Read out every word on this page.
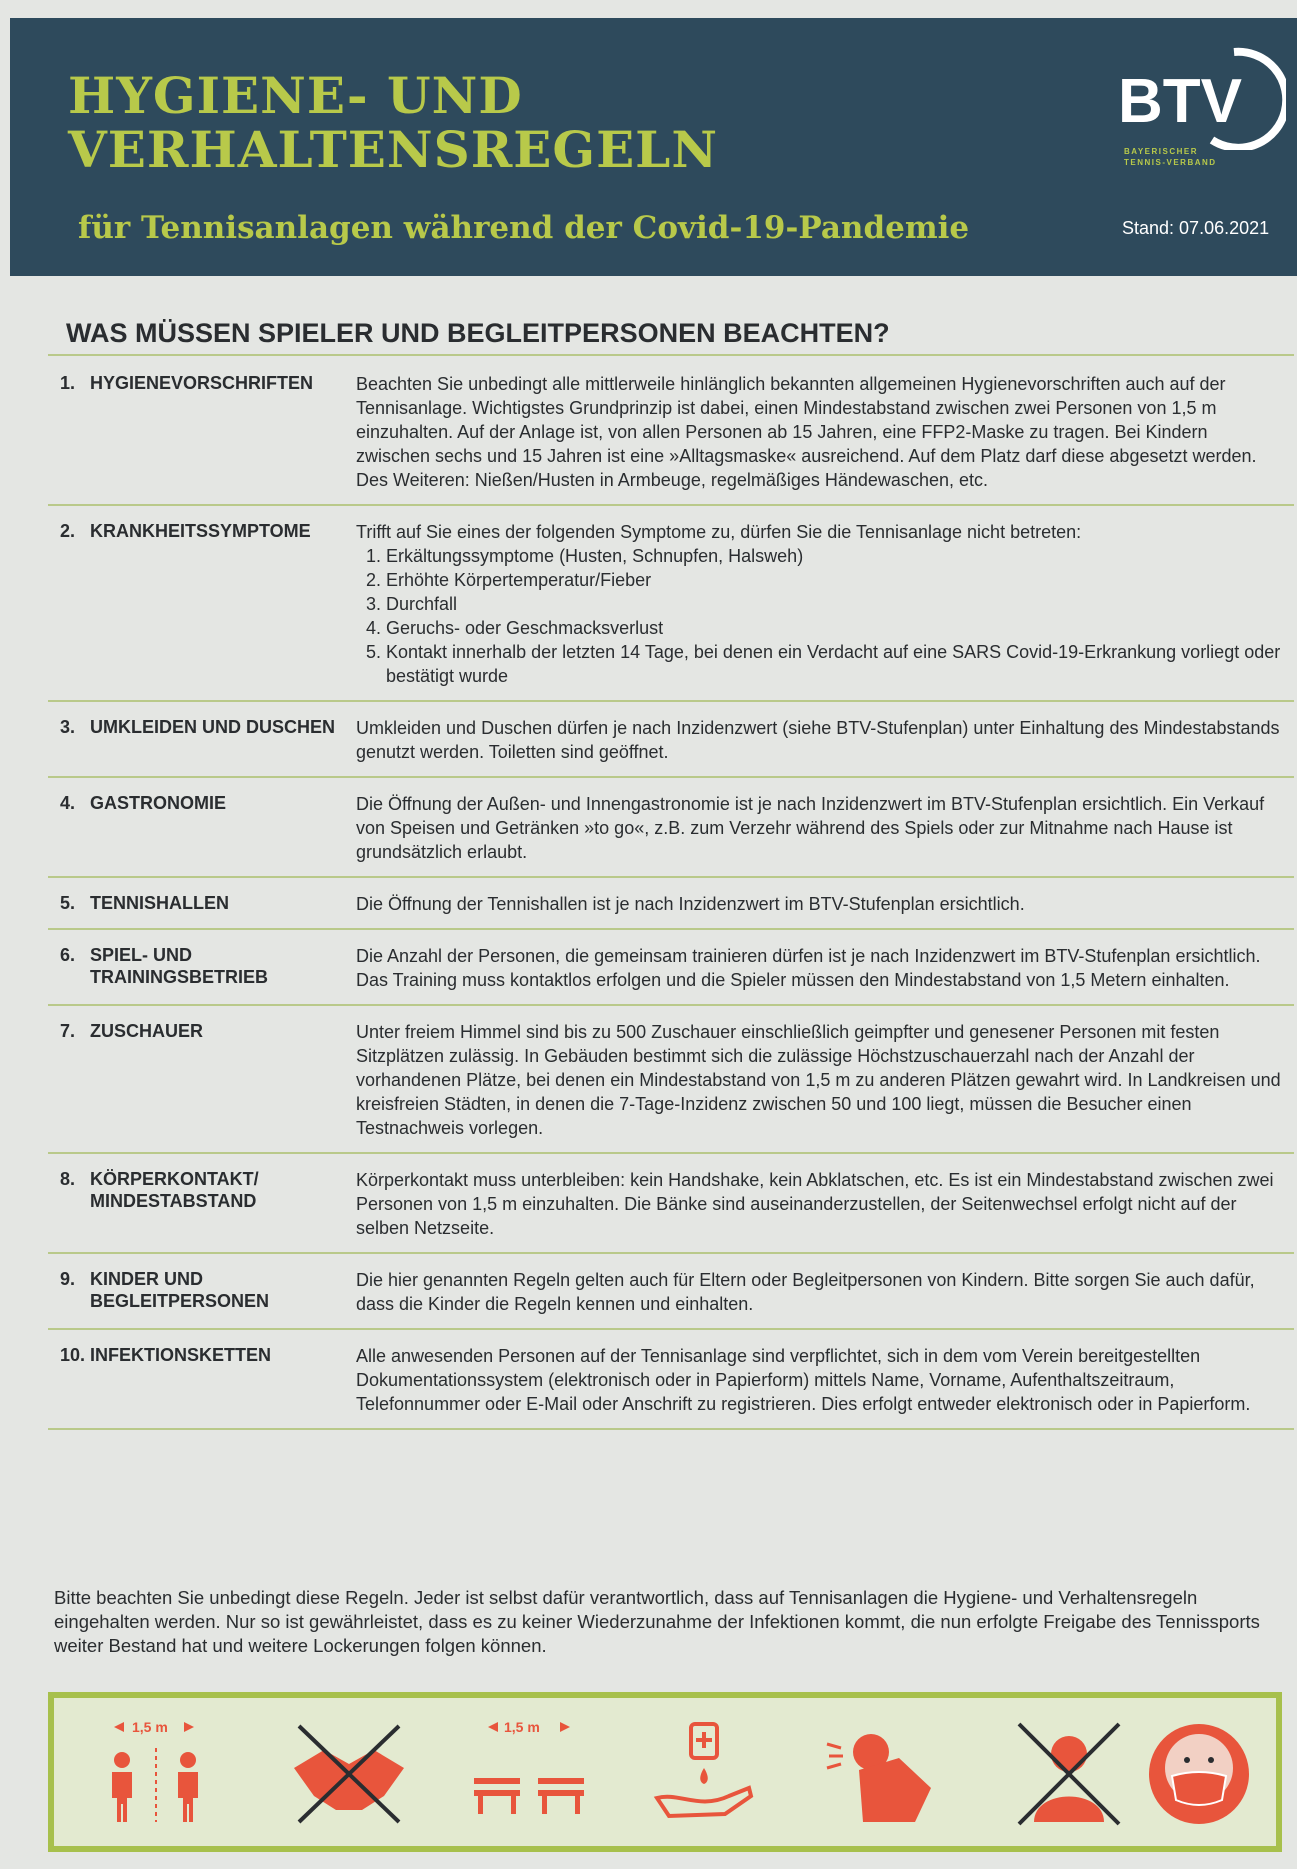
HYGIENE- UND
VERHALTENSREGELN
für Tennisanlagen während der Covid-19-Pandemie
BTV
BAYERISCHER
TENNIS-VERBAND
Stand: 07.06.2021
WAS MÜSSEN SPIELER UND BEGLEITPERSONEN BEACHTEN?
1. HYGIENEVORSCHRIFTEN	Beachten Sie unbedingt alle mittlerweile hinlänglich bekannten allgemeinen Hygienevorschriften auch auf der Tennisanlage. Wichtigstes Grundprinzip ist dabei, einen Mindestabstand zwischen zwei Personen von 1,5 m einzuhalten. Auf der Anlage ist, von allen Personen ab 15 Jahren, eine FFP2-Maske zu tragen. Bei Kindern zwischen sechs und 15 Jahren ist eine »Alltagsmaske« ausreichend. Auf dem Platz darf diese abgesetzt werden. Des Weiteren: Nießen/Husten in Armbeuge, regelmäßiges Händewaschen, etc.
2. KRANKHEITSSYMPTOME	Trifft auf Sie eines der folgenden Symptome zu, dürfen Sie die Tennisanlage nicht betreten:
1. Erkältungssymptome (Husten, Schnupfen, Halsweh)
2. Erhöhte Körpertemperatur/Fieber
3. Durchfall
4. Geruchs- oder Geschmacksverlust
5. Kontakt innerhalb der letzten 14 Tage, bei denen ein Verdacht auf eine SARS Covid-19-Erkrankung vorliegt oder bestätigt wurde
3. UMKLEIDEN UND DUSCHEN	Umkleiden und Duschen dürfen je nach Inzidenzwert (siehe BTV-Stufenplan) unter Einhaltung des Mindestabstands genutzt werden. Toiletten sind geöffnet.
4. GASTRONOMIE	Die Öffnung der Außen- und Innengastronomie ist je nach Inzidenzwert im BTV-Stufenplan ersichtlich. Ein Verkauf von Speisen und Getränken »to go«, z.B. zum Verzehr während des Spiels oder zur Mitnahme nach Hause ist grundsätzlich erlaubt.
5. TENNISHALLEN	Die Öffnung der Tennishallen ist je nach Inzidenzwert im BTV-Stufenplan ersichtlich.
6. SPIEL- UND TRAININGSBETRIEB
Die Anzahl der Personen, die gemeinsam trainieren dürfen ist je nach Inzidenzwert im BTV-Stufenplan ersichtlich. Das Training muss kontaktlos erfolgen und die Spieler müssen den Mindestabstand von 1,5 Metern einhalten.
7. ZUSCHAUER	Unter freiem Himmel sind bis zu 500 Zuschauer einschließlich geimpfter und genesener Personen mit festen Sitzplätzen zulässig. In Gebäuden bestimmt sich die zulässige Höchstzuschauerzahl nach der Anzahl der vorhandenen Plätze, bei denen ein Mindestabstand von 1,5 m zu anderen Plätzen gewahrt wird. In Landkreisen und kreisfreien Städten, in denen die 7-Tage-Inzidenz zwischen 50 und 100 liegt, müssen die Besucher einen Testnachweis vorlegen.
8. KÖRPERKONTAKT/ MINDESTABSTAND
Körperkontakt muss unterbleiben: kein Handshake, kein Abklatschen, etc. Es ist ein Mindestabstand zwischen zwei Personen von 1,5 m einzuhalten. Die Bänke sind auseinanderzustellen, der Seitenwechsel erfolgt nicht auf der selben Netzseite.
9. KINDER UND BEGLEITPERSONEN
Die hier genannten Regeln gelten auch für Eltern oder Begleitpersonen von Kindern. Bitte sorgen Sie auch dafür, dass die Kinder die Regeln kennen und einhalten.
10. INFEKTIONSKETTEN	Alle anwesenden Personen auf der Tennisanlage sind verpflichtet, sich in dem vom Verein bereitgestellten Dokumentationssystem (elektronisch oder in Papierform) mittels Name, Vorname, Aufenthaltszeitraum, Telefonnummer oder E-Mail oder Anschrift zu registrieren. Dies erfolgt entweder elektronisch oder in Papierform.

Bitte beachten Sie unbedingt diese Regeln. Jeder ist selbst dafür verantwortlich, dass auf Tennisanlagen die Hygiene- und Verhaltensregeln eingehalten werden. Nur so ist gewährleistet, dass es zu keiner Wiederzunahme der Infektionen kommt, die nun erfolgte Freigabe des Tennissports weiter Bestand hat und weitere Lockerungen folgen können.

1,5 m	1,5 m
